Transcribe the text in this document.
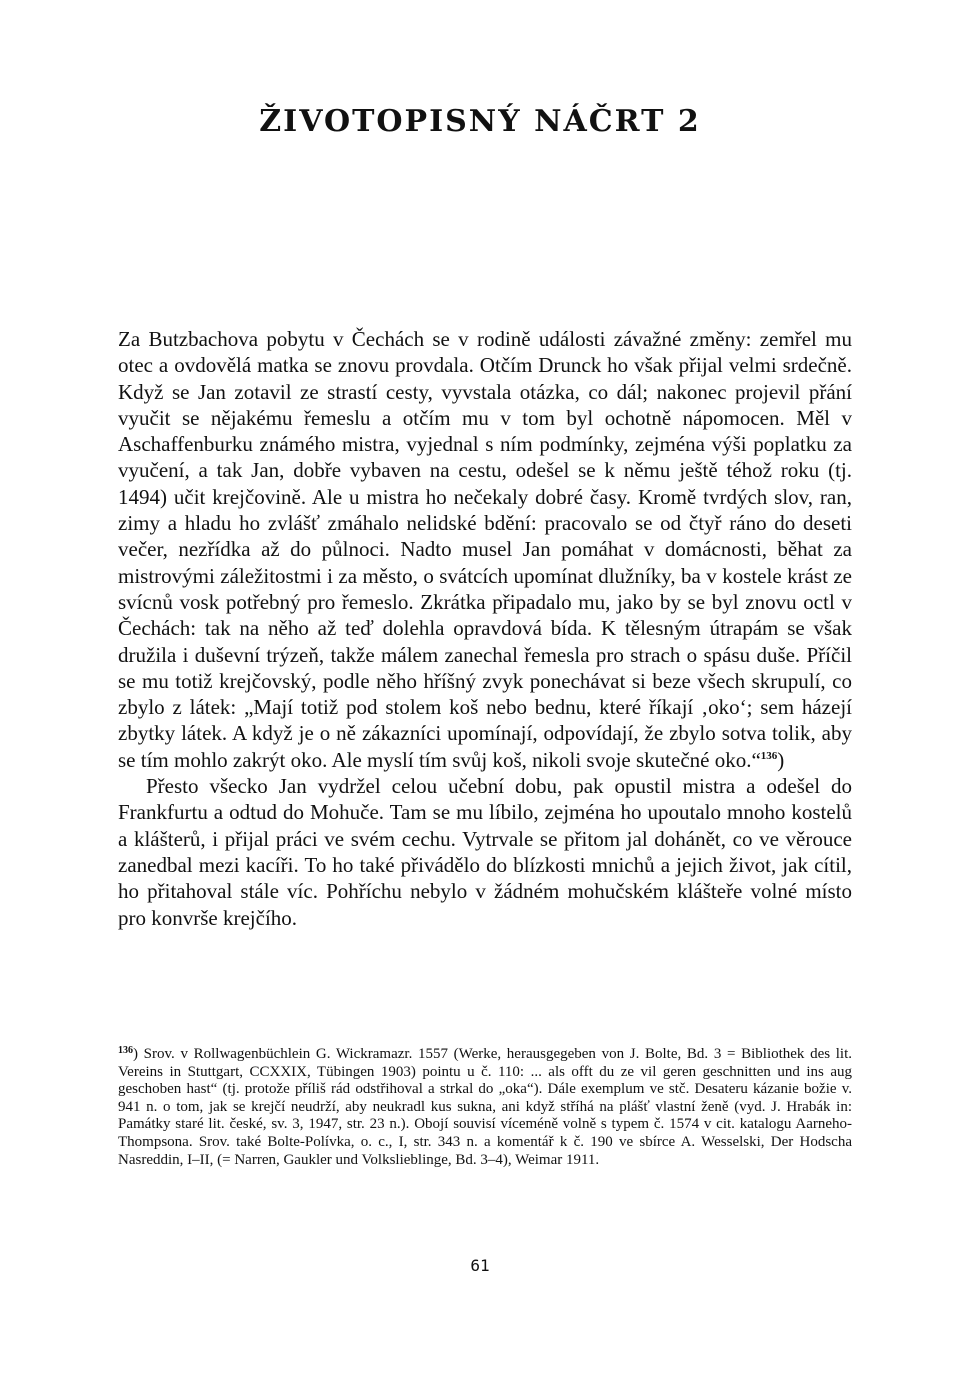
ŽIVOTOPISNÝ NÁČRT 2

Za Butzbachova pobytu v Čechách se v rodině události závažné změny: zemřel mu otec a ovdovělá matka se znovu provdala. Otčím Drunck ho však přijal velmi srdečně. Když se Jan zotavil ze strastí cesty, vyvstala otázka, co dál; nakonec projevil přání vyučit se nějakému řemeslu a otčím mu v tom byl ochotně nápomocen. Měl v Aschaffenburku známého mistra, vyjednal s ním podmínky, zejména výši poplatku za vyučení, a tak Jan, dobře vybaven na cestu, odešel se k němu ještě téhož roku (tj. 1494) učit krejčovině. Ale u mistra ho nečekaly dobré časy. Kromě tvrdých slov, ran, zimy a hladu ho zvlášť zmáhalo nelidské bdění: pracovalo se od čtyř ráno do deseti večer, nezřídka až do půlnoci. Nadto musel Jan pomáhat v domácnosti, běhat za mistrovými záležitostmi i za město, o svátcích upomínat dlužníky, ba v kostele krást ze svícnů vosk potřebný pro řemeslo. Zkrátka připadalo mu, jako by se byl znovu octl v Čechách: tak na něho až teď dolehla opravdová bída. K tělesným útrapám se však družila i duševní trýzeň, takže málem zanechal řemesla pro strach o spásu duše. Příčil se mu totiž krejčovský, podle něho hříšný zvyk ponechávat si beze všech skrupulí, co zbylo z látek: „Mají totiž pod stolem koš nebo bednu, které říkají ‚oko‘; sem házejí zbytky látek. A když je o ně zákazníci upomínají, odpovídají, že zbylo sotva tolik, aby se tím mohlo zakrýt oko. Ale myslí tím svůj koš, nikoli svoje skutečné oko.“$^{136}$)

Přesto všecko Jan vydržel celou učební dobu, pak opustil mistra a odešel do Frankfurtu a odtud do Mohuče. Tam se mu líbilo, zejména ho upoutalo mnoho kostelů a klášterů, i přijal práci ve svém cechu. Vytrvale se přitom jal dohánět, co ve věrouce zanedbal mezi kacíři. To ho také přivádělo do blízkosti mnichů a jejich život, jak cítil, ho přitahoval stále víc. Pohříchu nebylo v žádném mohučském klášteře volné místo pro konvrše krejčího.

$^{136}$) Srov. v Rollwagenbüchlein G. Wickramazr. 1557 (Werke, herausgegeben von J. Bolte, Bd. 3 = Bibliothek des lit. Vereins in Stuttgart, CCXXIX, Tübingen 1903) pointu u č. 110: ... als offt du ze vil geren geschnitten und ins aug geschoben hast“ (tj. protože příliš rád odstřihoval a strkal do „oka“). Dále exemplum ve stč. Desateru kázanie božie v. 941 n. o tom, jak se krejčí neudrží, aby neukradl kus sukna, ani když stříhá na plášť vlastní ženě (vyd. J. Hrabák in: Památky staré lit. české, sv. 3, 1947, str. 23 n.). Obojí souvisí víceméně volně s typem č. 1574 v cit. katalogu Aarneho-Thompsona. Srov. také Bolte-Polívka, o. c., I, str. 343 n. a komentář k č. 190 ve sbírce A. Wesselski, Der Hodscha Nasreddin, I–II, (= Narren, Gaukler und Volkslieblinge, Bd. 3–4), Weimar 1911.

61
